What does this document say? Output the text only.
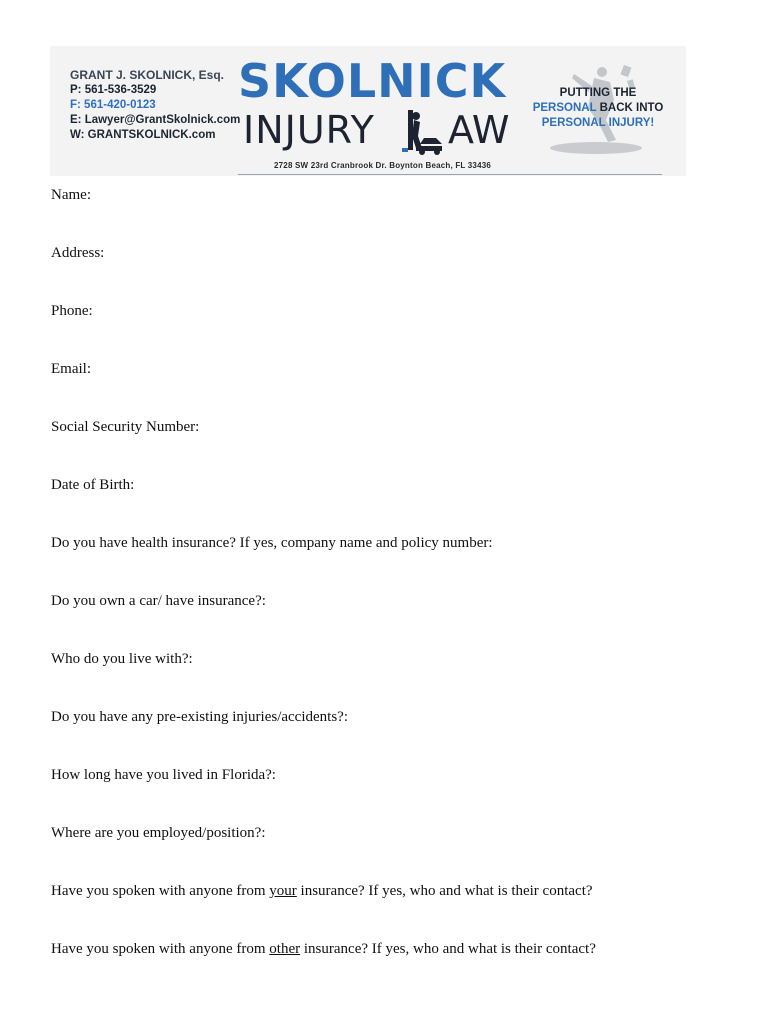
GRANT J. SKOLNICK, Esq.
P: 561-536-3529
F: 561-420-0123
E: Lawyer@GrantSkolnick.com
W: GRANTSKOLNICK.com
SKOLNICK
INJURY AW
2728 SW 23rd Cranbrook Dr. Boynton Beach, FL 33436
PUTTING THE
PERSONAL BACK INTO
PERSONAL INJURY!
Name:
Address:
Phone:
Email:
Social Security Number:
Date of Birth:
Do you have health insurance? If yes, company name and policy number:
Do you own a car/ have insurance?:
Who do you live with?:
Do you have any pre-existing injuries/accidents?:
How long have you lived in Florida?:
Where are you employed/position?:
Have you spoken with anyone from your insurance? If yes, who and what is their contact?
Have you spoken with anyone from other insurance? If yes, who and what is their contact?
